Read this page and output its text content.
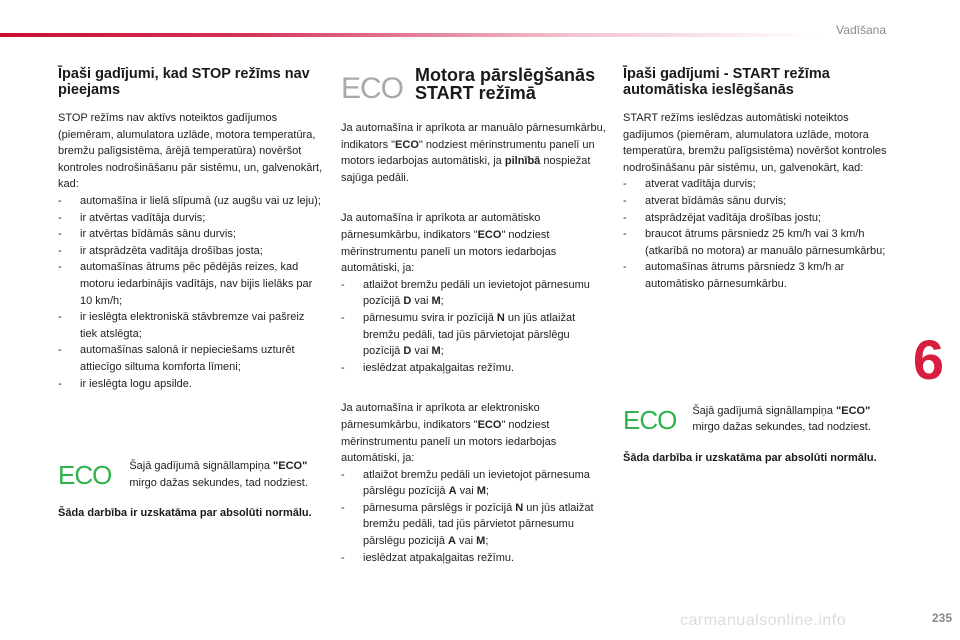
Vadīšana
6
235
Īpaši gadījumi, kad STOP režīms nav pieejams

STOP režīms nav aktīvs noteiktos gadījumos (piemēram, alumulatora uzlāde, motora temperatūra, bremžu palīgsistēma, ārējā temperatūra) novēršot kontroles nodrošināšanu pār sistēmu, un, galvenokārt, kad:

- automašīna ir lielā slīpumā (uz augšu vai uz leju);
- ir atvērtas vadītāja durvis;
- ir atvērtas bīdāmās sānu durvis;
- ir atsprādzēta vadītāja drošības josta;
- automašīnas ātrums pēc pēdējās reizes, kad motoru iedarbinājis vadītājs, nav bijis lielāks par 10 km/h;
- ir ieslēgta elektroniskā stāvbremze vai pašreiz tiek atslēgta;
- automašīnas salonā ir nepieciešams uzturēt attiecīgo siltuma komforta līmeni;
- ir ieslēgta logu apsilde.
ECO Šajā gadījumā signāllampiņa "ECO" mirgo dažas sekundes, tad nodziest.

Šāda darbība ir uzskatāma par absolūti normālu.

ECO Motora pārslēgšanās

START režīmā

Ja automašīna ir aprīkota ar manuālo pārnesumkārbu, indikators "ECO" nodziest mērinstrumentu panelī un motors iedarbojas automātiski, ja pilnībā nospiežat sajūga pedāli.

Ja automašīna ir aprīkota ar automātisko pārnesumkārbu, indikators "ECO" nodziest mērinstrumentu panelī un motors iedarbojas automātiski, ja:

- atlaižot bremžu pedāli un ievietojot pārnesumu pozīcijā D vai M;
- pārnesumu svira ir pozīcijā N un jūs atlaižat bremžu pedāli, tad jūs pārvietojat pārslēgu pozīcijā D vai M;
- ieslēdzat atpakaļgaitas režīmu.

Ja automašīna ir aprīkota ar elektronisko pārnesumkārbu, indikators "ECO" nodziest mērinstrumentu panelī un motors iedarbojas automātiski, ja:

- atlaižot bremžu pedāli un ievietojot pārnesuma pārslēgu pozīcijā A vai M;
- pārnesuma pārslēgs ir pozīcijā N un jūs atlaižat bremžu pedāli, tad jūs pārvietot pārnesumu pārslēgu pozicijā A vai M;
- ieslēdzat atpakaļgaitas režīmu.
Īpaši gadījumi - START režīma automātiska ieslēgšanās

START režīms ieslēdzas automātiski noteiktos gadījumos (piemēram, alumulatora uzlāde, motora temperatūra, bremžu palīgsistēma) novēršot kontroles nodrošināšanu pār sistēmu, un, galvenokārt, kad:

- atverat vadītāja durvis;
- atverat bīdāmās sānu durvis;
- atsprādzējat vadītāja drošības jostu;
- braucot ātrums pārsniedz 25 km/h vai 3 km/h (atkarībā no motora) ar manuālo pārnesumkārbu;
- automašīnas ātrums pārsniedz 3 km/h ar automātisko pārnesumkārbu.
ECO Šajā gadījumā signāllampiņa "ECO" mirgo dažas sekundes, tad nodziest.

Šāda darbība ir uzskatāma par absolūti normālu.

carmanualsonline.info
